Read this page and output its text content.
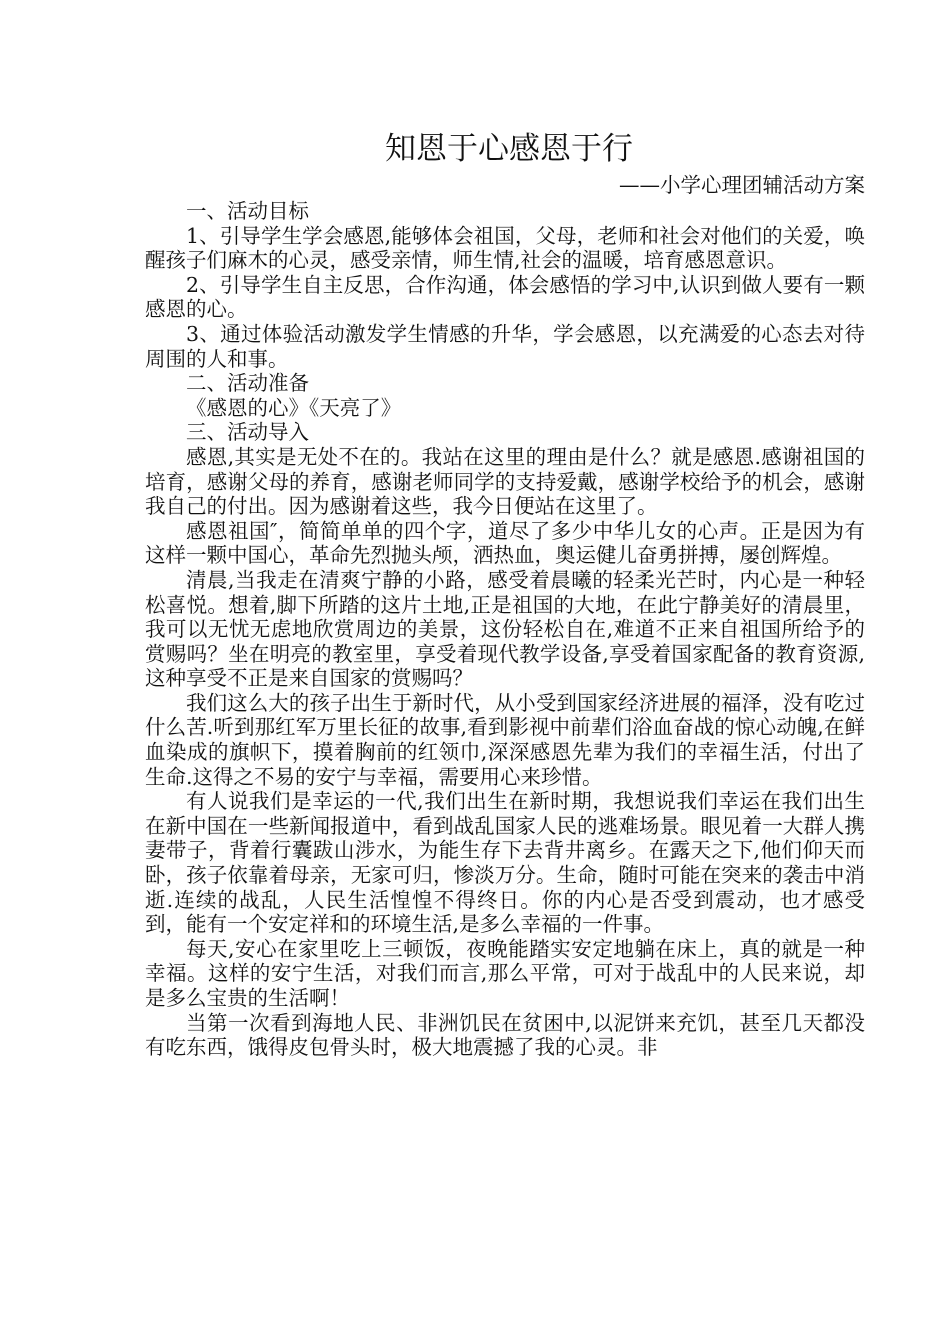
知恩于心感恩于行

——小学心理团辅活动方案

一、活动目标

1、引导学生学会感恩,能够体会祖国，父母，老师和社会对他们的关爱，唤醒孩子们麻木的心灵，感受亲情，师生情,社会的温暖，培育感恩意识。

2、引导学生自主反思，合作沟通，体会感悟的学习中,认识到做人要有一颗感恩的心。

3、通过体验活动激发学生情感的升华，学会感恩，以充满爱的心态去对待周围的人和事。

二、活动准备

《感恩的心》《天亮了》

三、活动导入

感恩,其实是无处不在的。我站在这里的理由是什么？就是感恩.感谢祖国的培育，感谢父母的养育，感谢老师同学的支持爱戴，感谢学校给予的机会，感谢我自己的付出。因为感谢着这些，我今日便站在这里了。

感恩祖国″，简简单单的四个字，道尽了多少中华儿女的心声。正是因为有这样一颗中国心，革命先烈抛头颅，洒热血，奥运健儿奋勇拼搏，屡创辉煌。

清晨,当我走在清爽宁静的小路，感受着晨曦的轻柔光芒时，内心是一种轻松喜悦。想着,脚下所踏的这片土地,正是祖国的大地，在此宁静美好的清晨里，我可以无忧无虑地欣赏周边的美景，这份轻松自在,难道不正来自祖国所给予的赏赐吗？坐在明亮的教室里，享受着现代教学设备,享受着国家配备的教育资源,这种享受不正是来自国家的赏赐吗？

我们这么大的孩子出生于新时代，从小受到国家经济进展的福泽，没有吃过什么苦.听到那红军万里长征的故事,看到影视中前辈们浴血奋战的惊心动魄,在鲜血染成的旗帜下，摸着胸前的红领巾,深深感恩先辈为我们的幸福生活，付出了生命.这得之不易的安宁与幸福，需要用心来珍惜。

有人说我们是幸运的一代,我们出生在新时期，我想说我们幸运在我们出生在新中国在一些新闻报道中，看到战乱国家人民的逃难场景。眼见着一大群人携妻带子，背着行囊跋山涉水，为能生存下去背井离乡。在露天之下,他们仰天而卧，孩子依靠着母亲，无家可归，惨淡万分。生命，随时可能在突来的袭击中消逝.连续的战乱，人民生活惶惶不得终日。你的内心是否受到震动，也才感受到，能有一个安定祥和的环境生活,是多么幸福的一件事。

每天,安心在家里吃上三顿饭，夜晚能踏实安定地躺在床上，真的就是一种幸福。这样的安宁生活，对我们而言,那么平常，可对于战乱中的人民来说，却是多么宝贵的生活啊！

当第一次看到海地人民、非洲饥民在贫困中,以泥饼来充饥，甚至几天都没有吃东西，饿得皮包骨头时，极大地震撼了我的心灵。非
